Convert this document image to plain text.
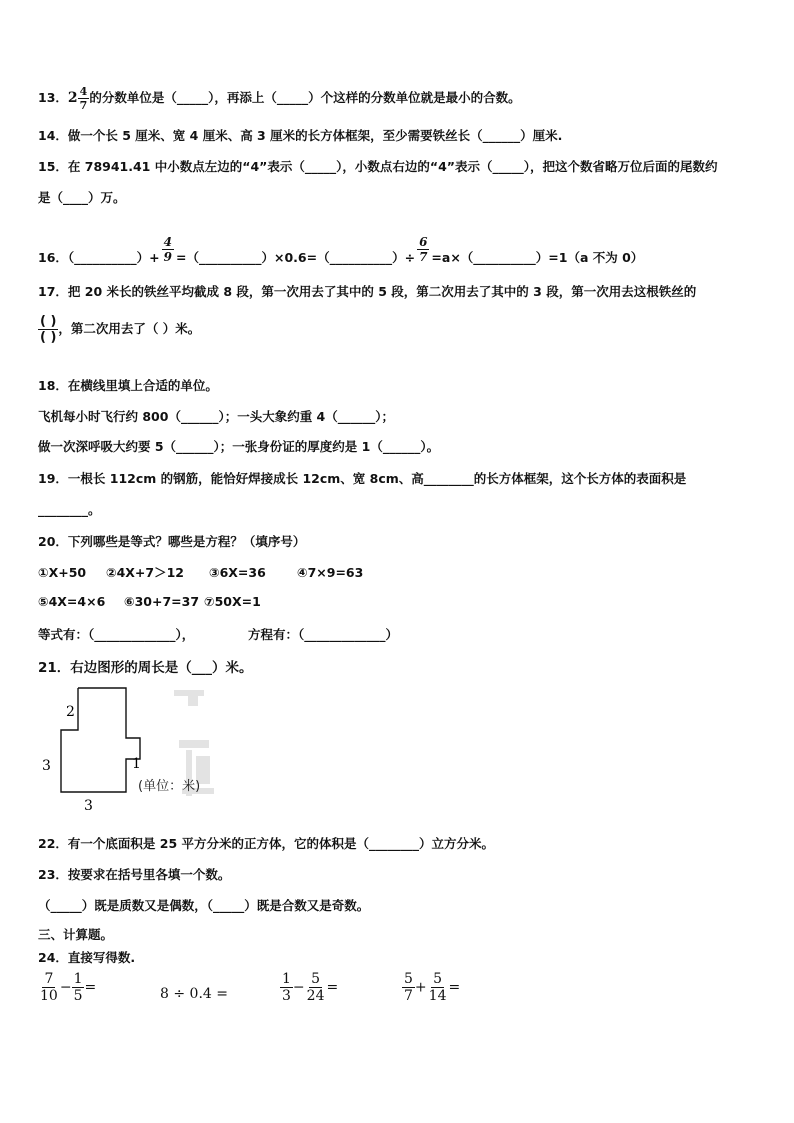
13．$2 \frac{4}{7}$ 的分数单位是（_____），再添上（_____）个这样的分数单位就是最小的合数。
14．做一个长 5 厘米、宽 4 厘米、高 3 厘米的长方体框架，至少需要铁丝长（______）厘米.
15．在 78941.41 中小数点左边的“4”表示（_____），小数点右边的“4”表示（_____），把这个数省略万位后面的尾数约
是（____）万。
16．（__________）+ $\frac{4}{9}$ =（__________）×0.6=（__________）÷ $\frac{6}{7}$ =a×（__________）=1（a 不为 0）
17．把 20 米长的铁丝平均截成 8 段，第一次用去了其中的 5 段，第二次用去了其中的 3 段，第一次用去这根铁丝的
$\frac{( )}{( )}$ ，第二次用去了（ ）米。
18．在横线里填上合适的单位。
飞机每小时飞行约 800（______）；一头大象约重 4（______）；
做一次深呼吸大约要 5（______）；一张身份证的厚度约是 1（______）。
19．一根长 112cm 的钢筋，能恰好焊接成长 12cm、宽 8cm、高________的长方体框架，这个长方体的表面积是
________。
20．下列哪些是等式？哪些是方程？（填序号）
①X+50 ②4X+7＞12 ③6X=36 ④7×9=63
⑤4X=4×6 ⑥30+7=37 ⑦50X=1
等式有：（_____________），	方程有：（_____________）
21．右边图形的周长是（___）米。
2
3	1
3
(单位：米)
22．有一个底面积是 25 平方分米的正方体，它的体积是（________）立方分米。
23．按要求在括号里各填一个数。
（_____）既是质数又是偶数，（_____）既是合数又是奇数。
三、计算题。
24．直接写得数.
$\frac{7}{10} - \frac{1}{5}$ =	8 ÷ 0.4 =	$\frac{1}{3} - \frac{5}{24}$ =	$\frac{5}{7} + \frac{5}{14}$ =
